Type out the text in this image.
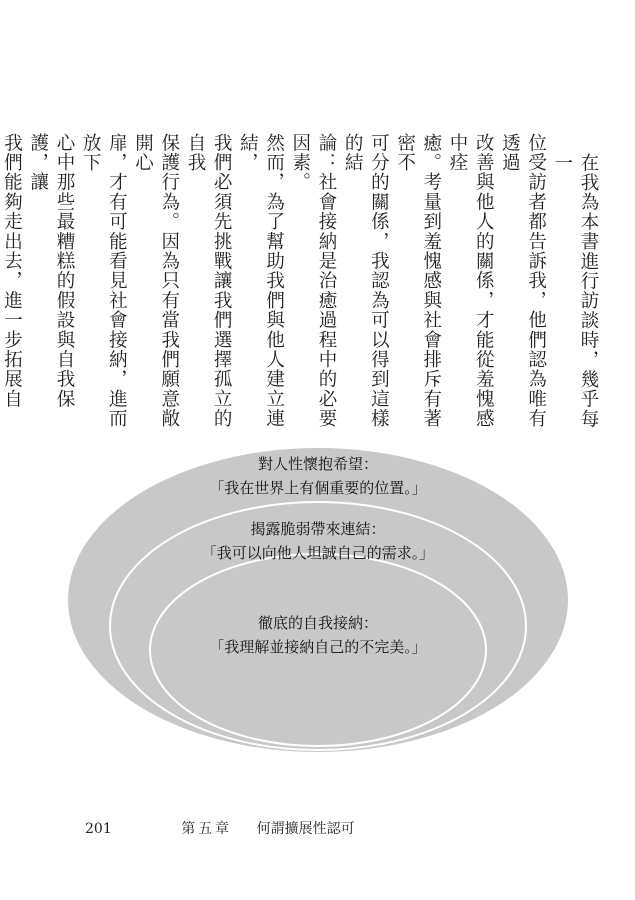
在我為本書進行訪談時，幾乎每一
位受訪者都告訴我，他們認為唯有透過
改善與他人的關係，才能從羞愧感中痊
癒。考量到羞愧感與社會排斥有著密不
可分的關係，我認為可以得到這樣的結
論：社會接納是治癒過程中的必要因素。

然而，為了幫助我們與他人建立連結，
我們必須先挑戰讓我們選擇孤立的自我
保護行為。因為只有當我們願意敞開心
扉，才有可能看見社會接納，進而放下
心中那些最糟糕的假設與自我保護，讓
我們能夠走出去，進一步拓展自

對人性懷抱希望：
「我在世界上有個重要的位置。」
揭露脆弱帶來連結：
「我可以向他人坦誠自己的需求。」
徹底的自我接納：
「我理解並接納自己的不完美。」
201	第五章 何謂擴展性認可
